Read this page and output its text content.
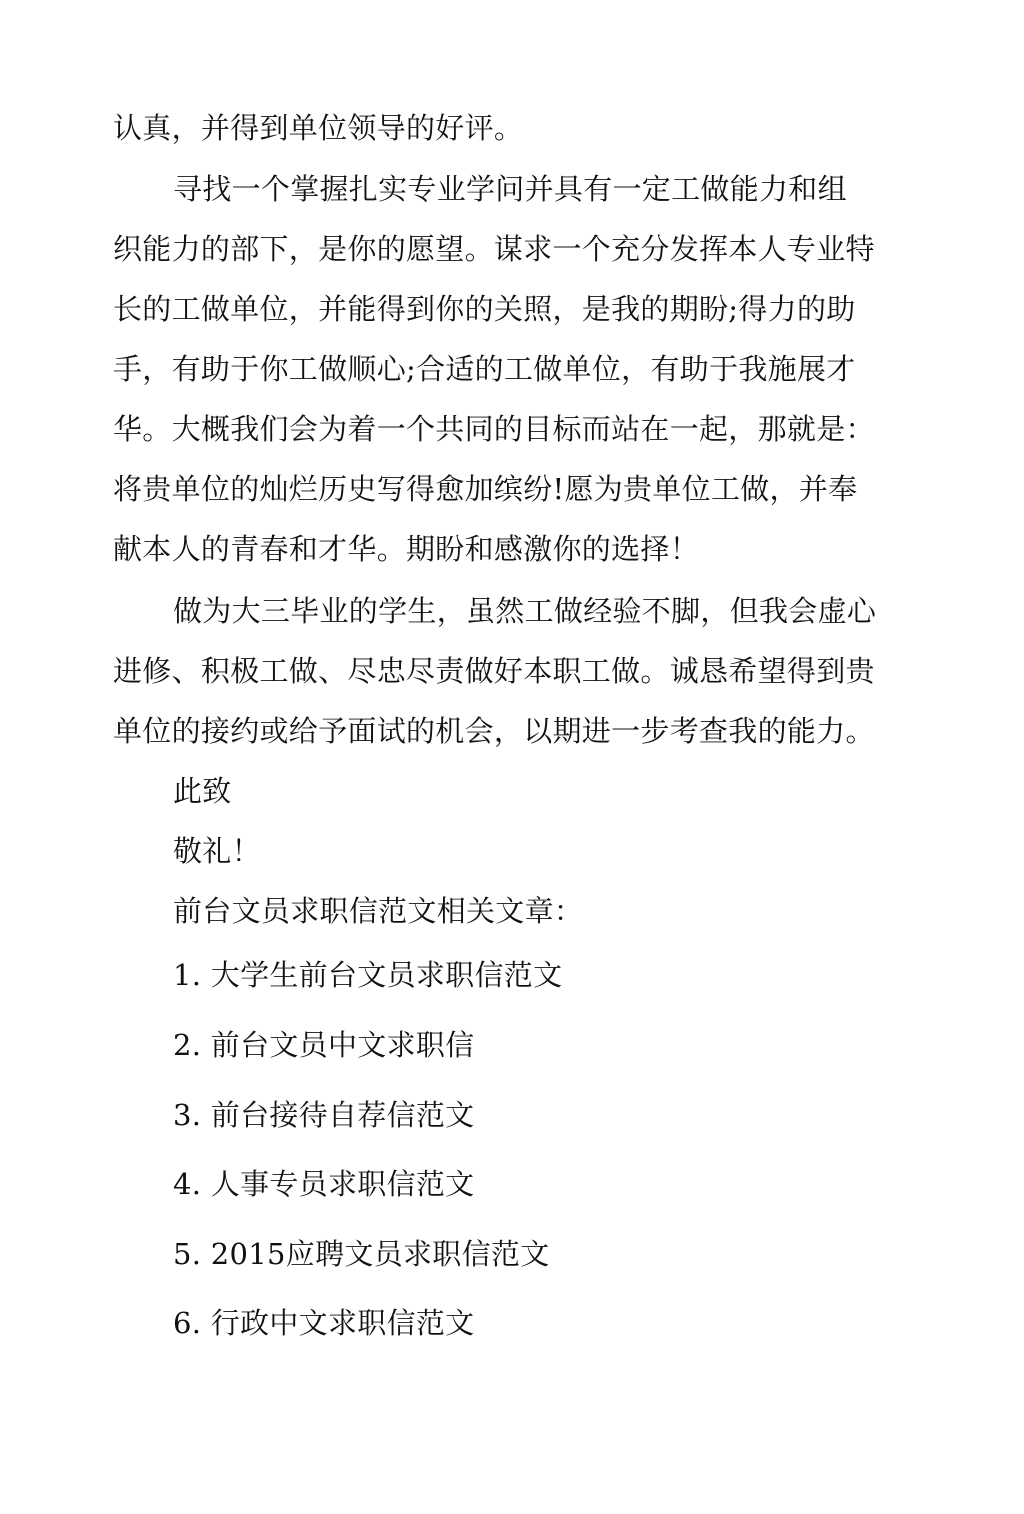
认真，并得到单位领导的好评。

寻找一个掌握扎实专业学问并具有一定工做能力和组

织能力的部下，是你的愿望。谋求一个充分发挥本人专业特

长的工做单位，并能得到你的关照，是我的期盼;得力的助

手，有助于你工做顺心;合适的工做单位，有助于我施展才

华。大概我们会为着一个共同的目标而站在一起，那就是：

将贵单位的灿烂历史写得愈加缤纷!愿为贵单位工做，并奉

献本人的青春和才华。期盼和感激你的选择！

做为大三毕业的学生，虽然工做经验不脚，但我会虚心

进修、积极工做、尽忠尽责做好本职工做。诚恳希望得到贵

单位的接约或给予面试的机会，以期进一步考查我的能力。

此致

敬礼！

前台文员求职信范文相关文章：

1. 大学生前台文员求职信范文

2. 前台文员中文求职信

3. 前台接待自荐信范文

4. 人事专员求职信范文

5. 2015应聘文员求职信范文

6. 行政中文求职信范文
